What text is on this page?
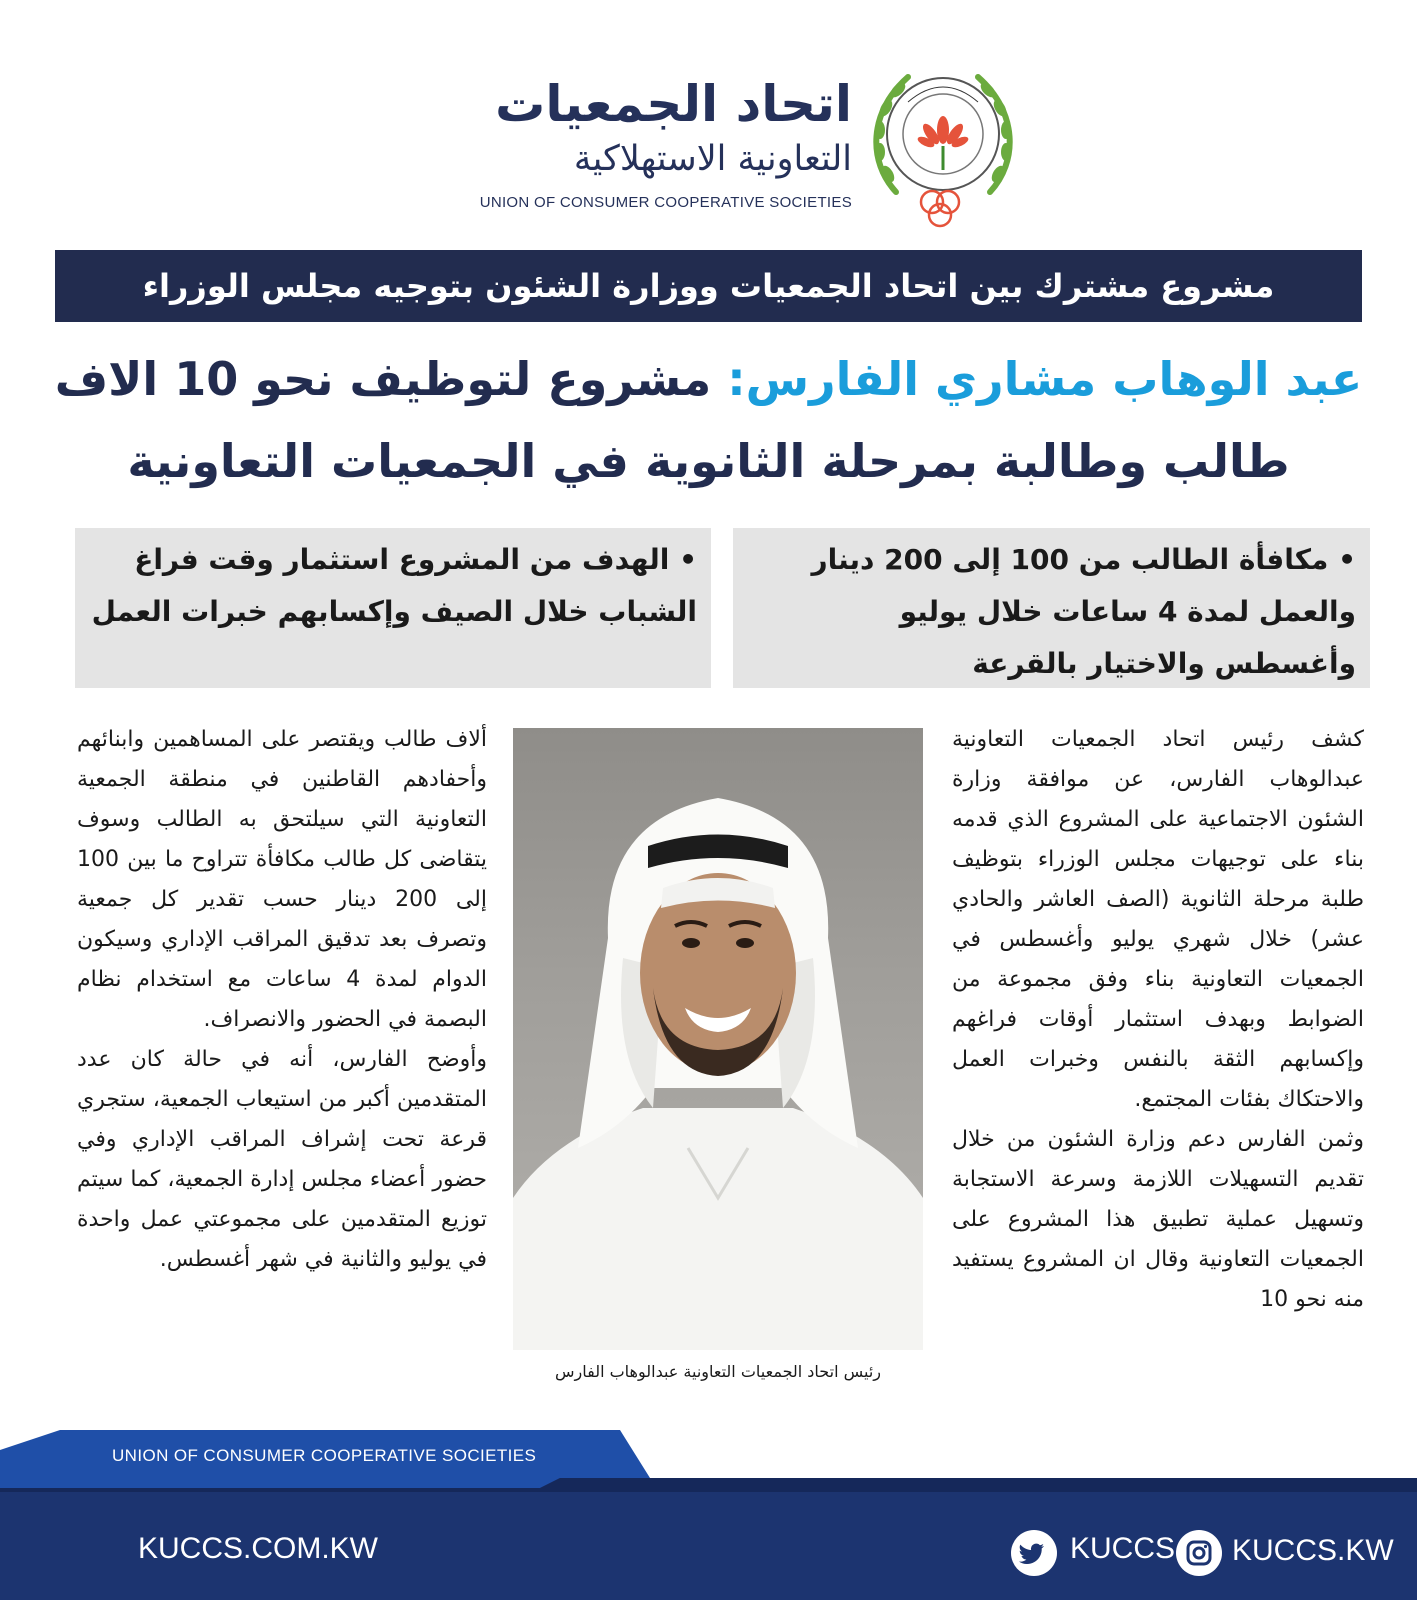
اتحاد الجمعيات
التعاونية الاستهلاكية
UNION OF CONSUMER COOPERATIVE SOCIETIES
مشروع مشترك بين اتحاد الجمعيات ووزارة الشئون بتوجيه مجلس الوزراء
عبد الوهاب مشاري الفارس: مشروع لتوظيف نحو 10 الاف
طالب وطالبة بمرحلة الثانوية في الجمعيات التعاونية
• مكافأة الطالب من 100 إلى 200 دينار والعمل لمدة 4 ساعات خلال يوليو وأغسطس والاختيار بالقرعة
• الهدف من المشروع استثمار وقت فراغ الشباب خلال الصيف وإكسابهم خبرات العمل

كشف رئيس اتحاد الجمعيات التعاونية عبدالوهاب الفارس، عن موافقة وزارة الشئون الاجتماعية على المشروع الذي قدمه بناء على توجيهات مجلس الوزراء بتوظيف طلبة مرحلة الثانوية (الصف العاشر والحادي عشر) خلال شهري يوليو وأغسطس في الجمعيات التعاونية بناء وفق مجموعة من الضوابط وبهدف استثمار أوقات فراغهم وإكسابهم الثقة بالنفس وخبرات العمل والاحتكاك بفئات المجتمع.

وثمن الفارس دعم وزارة الشئون من خلال تقديم التسهيلات اللازمة وسرعة الاستجابة وتسهيل عملية تطبيق هذا المشروع على الجمعيات التعاونية وقال ان المشروع يستفيد منه نحو 10

رئيس اتحاد الجمعيات التعاونية عبدالوهاب الفارس

ألاف طالب ويقتصر على المساهمين وابنائهم وأحفادهم القاطنين في منطقة الجمعية التعاونية التي سيلتحق به الطالب وسوف يتقاضى كل طالب مكافأة تتراوح ما بين 100 إلى 200 دينار حسب تقدير كل جمعية وتصرف بعد تدقيق المراقب الإداري وسيكون الدوام لمدة 4 ساعات مع استخدام نظام البصمة في الحضور والانصراف.

وأوضح الفارس، أنه في حالة كان عدد المتقدمين أكبر من استيعاب الجمعية، ستجري قرعة تحت إشراف المراقب الإداري وفي حضور أعضاء مجلس إدارة الجمعية، كما سيتم توزيع المتقدمين على مجموعتي عمل واحدة في يوليو والثانية في شهر أغسطس.

UNION OF CONSUMER COOPERATIVE SOCIETIES
KUCCS.COM.KW	KUCCS KUCCS.KW
